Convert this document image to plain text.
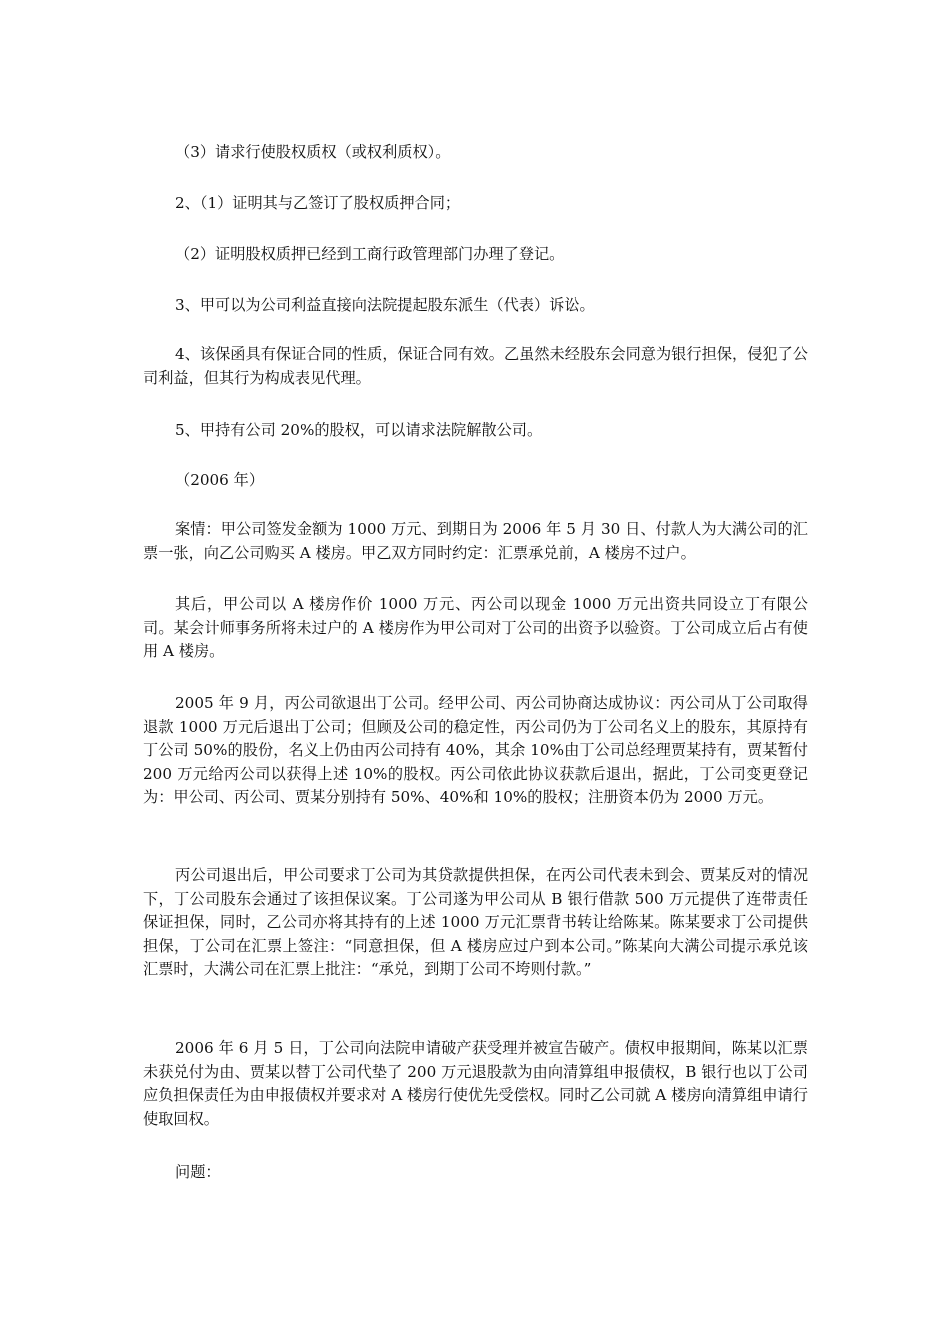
（3）请求行使股权质权（或权利质权）。

2、（1）证明其与乙签订了股权质押合同；

（2）证明股权质押已经到工商行政管理部门办理了登记。

3、甲可以为公司利益直接向法院提起股东派生（代表）诉讼。

4、该保函具有保证合同的性质，保证合同有效。乙虽然未经股东会同意为银行担保，侵犯了公司利益，但其行为构成表见代理。

5、甲持有公司 20%的股权，可以请求法院解散公司。

（2006 年）

案情：甲公司签发金额为 1000 万元、到期日为 2006 年 5 月 30 日、付款人为大满公司的汇票一张，向乙公司购买 A 楼房。甲乙双方同时约定：汇票承兑前，A 楼房不过户。

其后，甲公司以 A 楼房作价 1000 万元、丙公司以现金 1000 万元出资共同设立丁有限公司。某会计师事务所将未过户的 A 楼房作为甲公司对丁公司的出资予以验资。丁公司成立后占有使用 A 楼房。

2005 年 9 月，丙公司欲退出丁公司。经甲公司、丙公司协商达成协议：丙公司从丁公司取得退款 1000 万元后退出丁公司；但顾及公司的稳定性，丙公司仍为丁公司名义上的股东，其原持有丁公司 50%的股份，名义上仍由丙公司持有 40%，其余 10%由丁公司总经理贾某持有，贾某暂付 200 万元给丙公司以获得上述 10%的股权。丙公司依此协议获款后退出，据此，丁公司变更登记为：甲公司、丙公司、贾某分别持有 50%、40%和 10%的股权；注册资本仍为 2000 万元。

丙公司退出后，甲公司要求丁公司为其贷款提供担保，在丙公司代表未到会、贾某反对的情况下，丁公司股东会通过了该担保议案。丁公司遂为甲公司从 B 银行借款 500 万元提供了连带责任保证担保，同时，乙公司亦将其持有的上述 1000 万元汇票背书转让给陈某。陈某要求丁公司提供担保，丁公司在汇票上签注：“同意担保，但 A 楼房应过户到本公司。”陈某向大满公司提示承兑该汇票时，大满公司在汇票上批注：“承兑，到期丁公司不垮则付款。”

2006 年 6 月 5 日，丁公司向法院申请破产获受理并被宣告破产。债权申报期间，陈某以汇票未获兑付为由、贾某以替丁公司代垫了 200 万元退股款为由向清算组申报债权，B 银行也以丁公司应负担保责任为由申报债权并要求对 A 楼房行使优先受偿权。同时乙公司就 A 楼房向清算组申请行使取回权。

问题：
